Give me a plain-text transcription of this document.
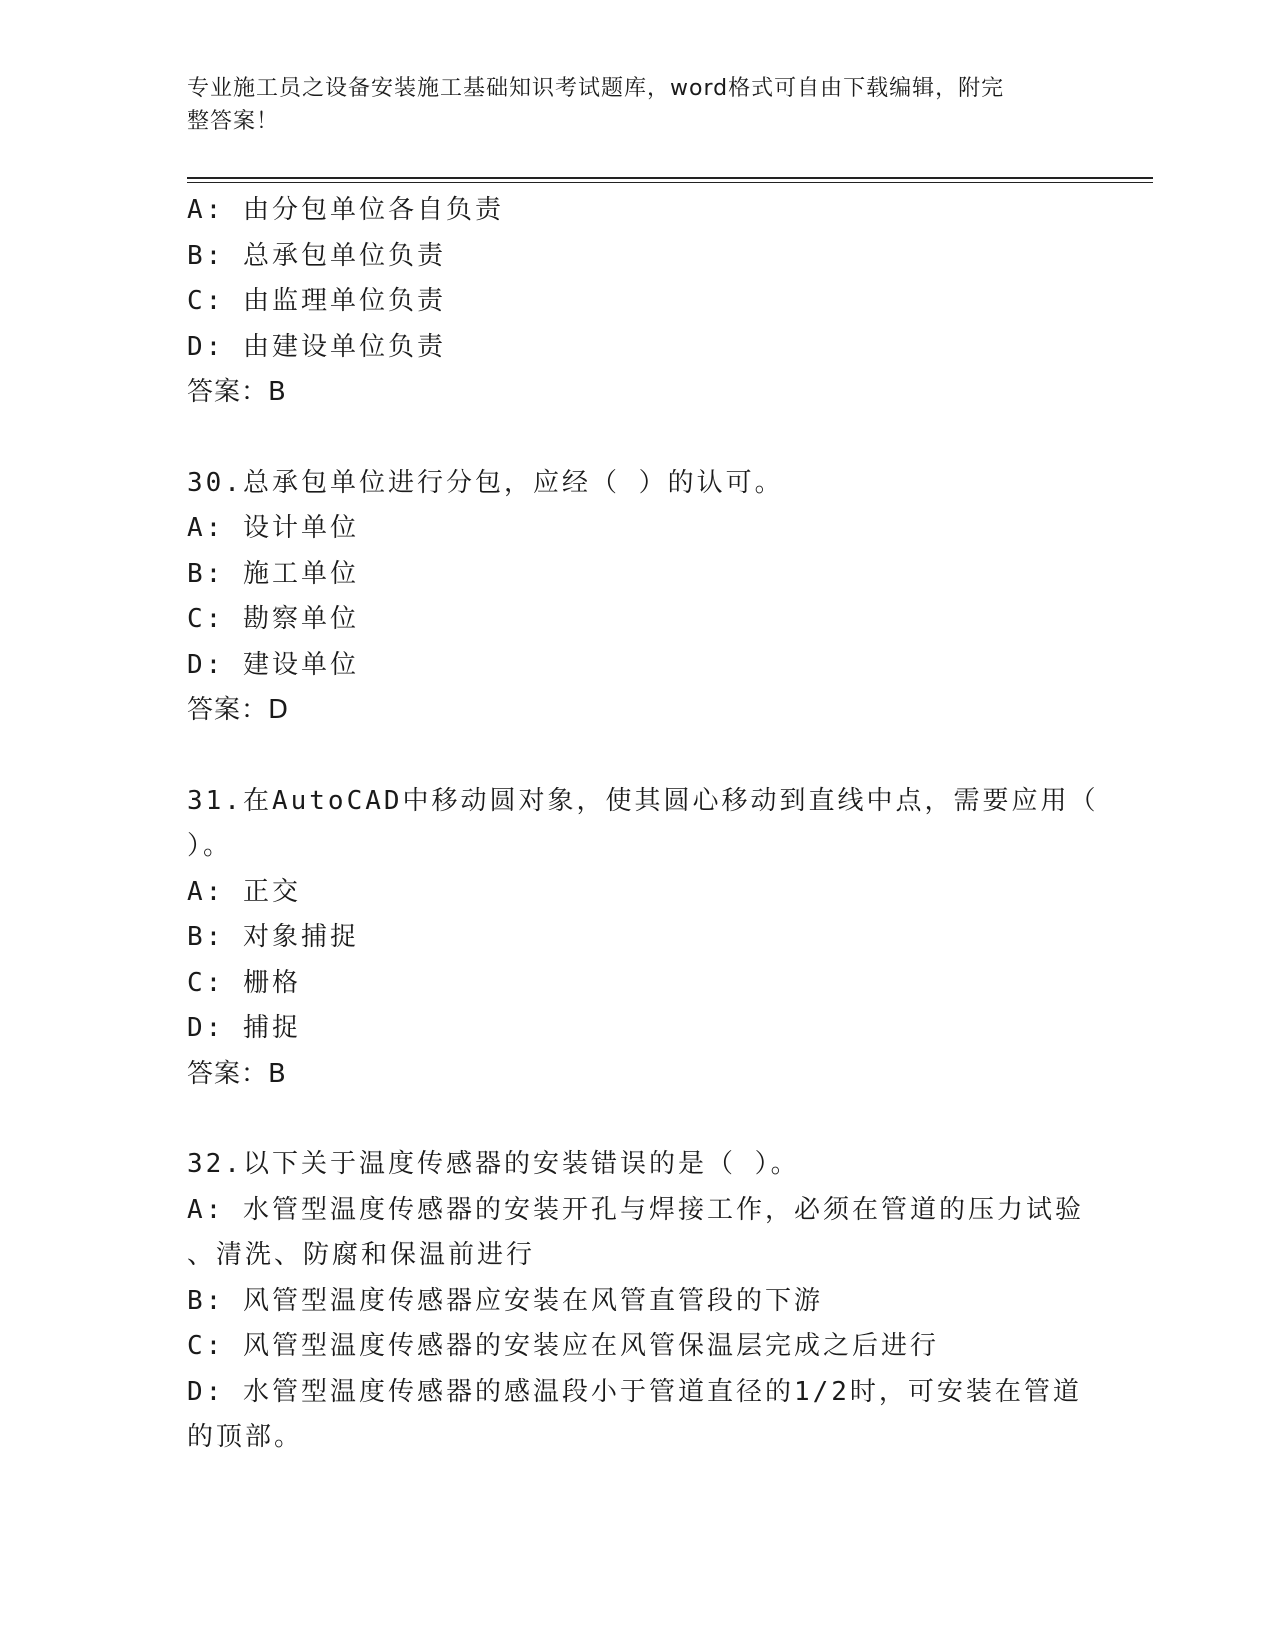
专业施工员之设备安装施工基础知识考试题库，word格式可自由下载编辑，附完
整答案！
A: 由分包单位各自负责
B: 总承包单位负责
C: 由监理单位负责
D: 由建设单位负责
答案：B
30.总承包单位进行分包，应经（ ）的认可。
A: 设计单位
B: 施工单位
C: 勘察单位
D: 建设单位
答案：D
31.在AutoCAD中移动圆对象，使其圆心移动到直线中点，需要应用（
）。
A: 正交
B: 对象捕捉
C: 栅格
D: 捕捉
答案：B
32.以下关于温度传感器的安装错误的是（ ）。
A: 水管型温度传感器的安装开孔与焊接工作，必须在管道的压力试验
、清洗、防腐和保温前进行
B: 风管型温度传感器应安装在风管直管段的下游
C: 风管型温度传感器的安装应在风管保温层完成之后进行
D: 水管型温度传感器的感温段小于管道直径的1/2时，可安装在管道
的顶部。
